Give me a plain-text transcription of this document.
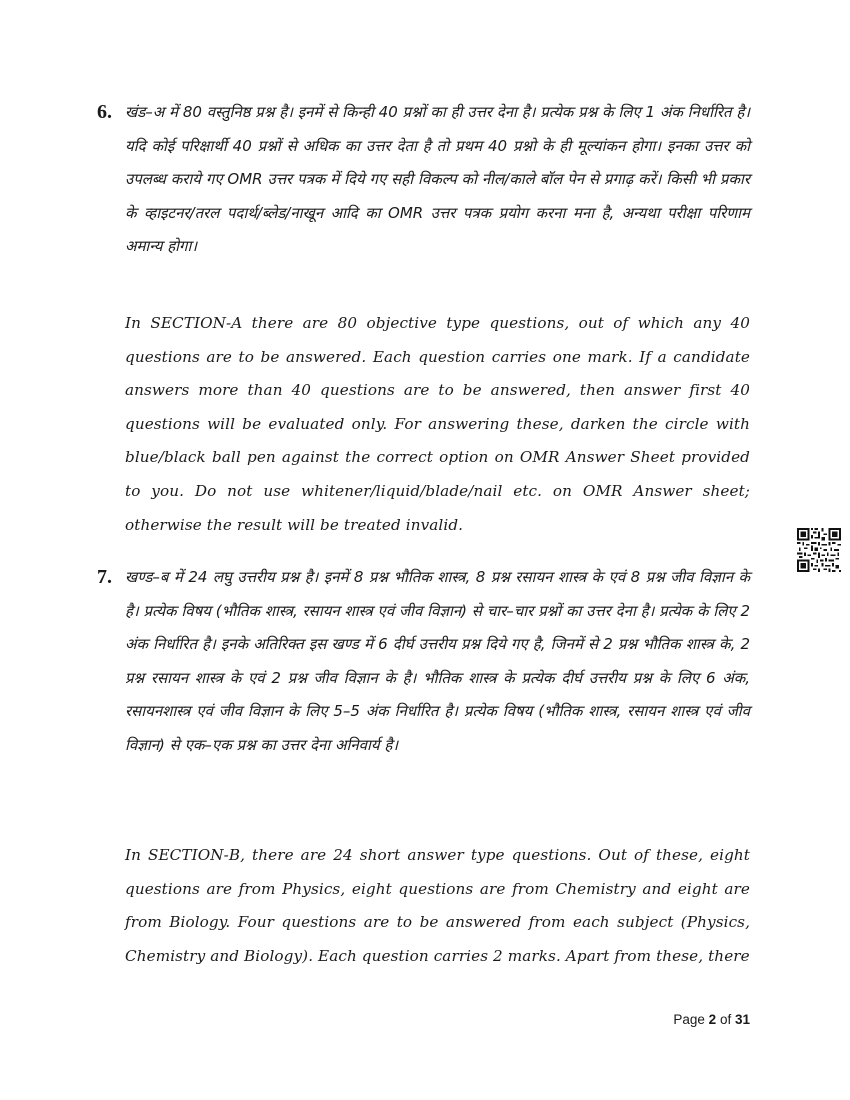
6. खंड–अ में 80 वस्तुनिष्ठ प्रश्न है। इनमें से किन्ही 40 प्रश्नों का ही उत्तर देना है। प्रत्येक प्रश्न के लिए 1 अंक निर्धारित है। यदि कोई परिक्षार्थी 40 प्रश्नों से अधिक का उत्तर देता है तो प्रथम 40 प्रश्नो के ही मूल्यांकन होगा। इनका उत्तर को उपलब्ध कराये गए OMR उत्तर पत्रक में दिये गए सही विकल्प को नील/काले बॉल पेन से प्रगाढ़ करें। किसी भी प्रकार के व्हाइटनर/तरल पदार्थ/ब्लेड/नाखून आदि का OMR उत्तर पत्रक प्रयोग करना मना है, अन्यथा परीक्षा परिणाम अमान्य होगा।

In SECTION-A there are 80 objective type questions, out of which any 40 questions are to be answered. Each question carries one mark. If a candidate answers more than 40 questions are to be answered, then answer first 40 questions will be evaluated only. For answering these, darken the circle with blue/black ball pen against the correct option on OMR Answer Sheet provided to you. Do not use whitener/liquid/blade/nail etc. on OMR Answer sheet; otherwise the result will be treated invalid.

7. खण्ड–ब में 24 लघु उत्तरीय प्रश्न है। इनमें 8 प्रश्न भौतिक शास्त्र, 8 प्रश्न रसायन शास्त्र के एवं 8 प्रश्न जीव विज्ञान के है। प्रत्येक विषय (भौतिक शास्त्र, रसायन शास्त्र एवं जीव विज्ञान) से चार–चार प्रश्नों का उत्तर देना है। प्रत्येक के लिए 2 अंक निर्धारित है। इनके अतिरिक्त इस खण्ड में 6 दीर्घ उत्तरीय प्रश्न दिये गए है, जिनमें से 2 प्रश्न भौतिक शास्त्र के, 2 प्रश्न रसायन शास्त्र के एवं 2 प्रश्न जीव विज्ञान के है। भौतिक शास्त्र के प्रत्येक दीर्घ उत्तरीय प्रश्न के लिए 6 अंक, रसायनशास्त्र एवं जीव विज्ञान के लिए 5–5 अंक निर्धारित है। प्रत्येक विषय (भौतिक शास्त्र, रसायन शास्त्र एवं जीव विज्ञान) से एक–एक प्रश्न का उत्तर देना अनिवार्य है।

In SECTION-B, there are 24 short answer type questions. Out of these, eight questions are from Physics, eight questions are from Chemistry and eight are from Biology. Four questions are to be answered from each subject (Physics, Chemistry and Biology). Each question carries 2 marks. Apart from these, there

Page 2 of 31
